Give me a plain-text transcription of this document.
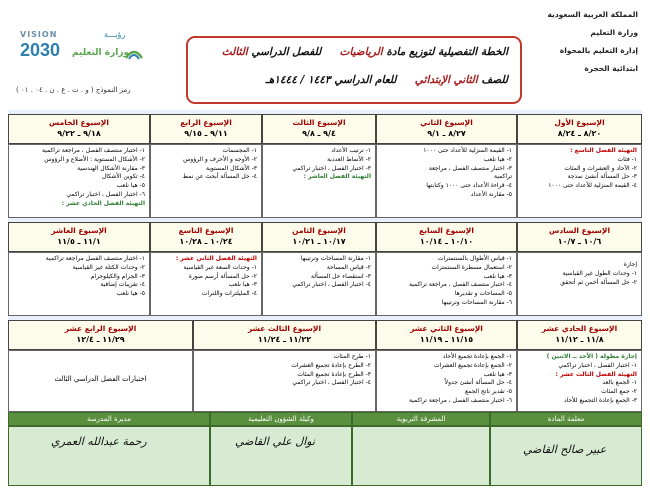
المملكة العربية السعودية
وزارة التعليم
إدارة التعليم بالمحواة
ابتدائية الحجرة
رؤيـــة
VISION
2030 وزارة التعليم
رمز النموذج ( و . ت . ع . ن . ٠٤ . ٠١ )
الخطة التفصيلية لتوزيع مادة الرياضيات     للفصل الدراسي الثالث
للصف الثاني الإبتدائي     للعام الدراسي ١٤٤٣ / ١٤٤٤هـ
الإسبوع الأول
٨/٢٠ ـ ٨/٢٤
التهيئة الفصل التاسع :
١- فئات
٢- الآحاد و العشرات و المئات
٣- حل المسألة أنشئ نمذجة
٤- القيمة المنزلية للأعداد حتى ١٠٠٠
الإسبوع الثاني
٨/٢٧ ـ ٩/١
١- القيمة المنزلية للأعداد حتى ١٠٠٠
٢- هيا نلعب
٣- اختبار منتصف الفصل ، مراجعة
تراكمية
٤- قراءة الأعداد حتى ١٠٠٠ وكتابتها
٥- مقارنة الأعداد
الإسبوع الثالث
٩/٤ ـ ٩/٨
١- ترتيب الأعداد
٢- الأنماط العددية
٣- اختبار الفصل ، اختبار تراكمي
التهيئة الفصل العاشر :
الإسبوع الرابع
٩/١١ ـ ٩/١٥
١- المجسمات
٢- الأوجه و الأحرف و الرؤوس
٣- الأشكال المستوية
٤- حل المسألة أبحث عن نمط
الإسبوع الخامس
٩/١٨ ـ ٩/٢٢
١- اختبار منتصف الفصل ، مراجعة تراكمية
٢- الأشكال المستوية : الأضلاع و الرؤوس
٣- مقارنة الأشكال الهندسية
٤- تكوين الأشكال
٥- هيا نلعب
٦- اختبار الفصل ، اختبار تراكمي
التهيئة الفصل الحادي عشر :
الإسبوع السادس
١٠/٦ ـ ١٠/٧
إجازة
١- وحدات الطول غير القياسية
٢- حل المسألة أخمن ثم أتحقق
الإسبوع السابع
١٠/١٠ ـ ١٠/١٤
١- قياس الأطوال بالسنتمترات
٢- استعمال مسطرة السنتمترات
٣- هيا نلعب
٤- اختبار منتصف الفصل ، مراجعة تراكمية
٥- المساحات و تقديرها
٦- مقارنة المساحات وترتيبها
الإسبوع الثامن
١٠/١٧ ـ ١٠/٢١
١- مقارنة المساحات وترتيبها
٢- قياس المساحة
٣- استقصاء حل المسألة
٤- اختبار الفصل ، اختبار تراكمي
الإسبوع التاسع
١٠/٢٤ ـ ١٠/٢٨
التهيئة الفصل الثاني عشر :
١- وحدات السعة غير القياسية
٢- حل المسألة أرسم صورة
٣- هيا نلعب
٤- المليلترات واللترات
الإسبوع العاشر
١١/١ ـ ١١/٥
١- اختبار منتصف الفصل مراجعة تراكمية
٢- وحدات الكتلة غير القياسية
٣- الجرام والكيلوجرام
٤- تقريبات إضافية
٥- هيا نلعب
الإسبوع الحادي عشر
١١/٨ ـ ١١/١٢
إجازة مطولة ( الأحد ــ الاثنين )
١- اختبار الفصل ، اختبار تراكمي
التهيئة الفصل الثالث عشر :
١- الجمع بالعد
٢- جمع المئات
٣- الجمع بإعادة التجميع للأحاد
الإسبوع الثاني عشر
١١/١٥ ـ ١١/١٩
١- الجمع بإعادة تجميع الأحاد
٢- الجمع بإعادة تجميع العشرات
٣- هيا نلعب
٤- حل المسألة أنشئ جدولاً
٥- تقدير ناتج الجمع
٦- اختبار منتصف الفصل ، مراجعة تراكمية
الإسبوع الثالث عشر
١١/٢٢ ـ ١١/٢٤
١- طرح المئات
٢- الطرح بإعادة تجميع العشرات
٣- الطرح بإعادة تجميع المئات
٤- اختبار الفصل ، اختبار تراكمي
الإسبوع الرابع عشر
١١/٢٩ ـ ١٢/٤
اختبارات الفصل الدراسي الثالث
معلمة المادة
عبير صالح القاضي
المشرفة التربوية
وكيلة الشؤون التعليمية
نوال علي القاضي
مديرة المدرسة
رحمة عبدالله العمري
